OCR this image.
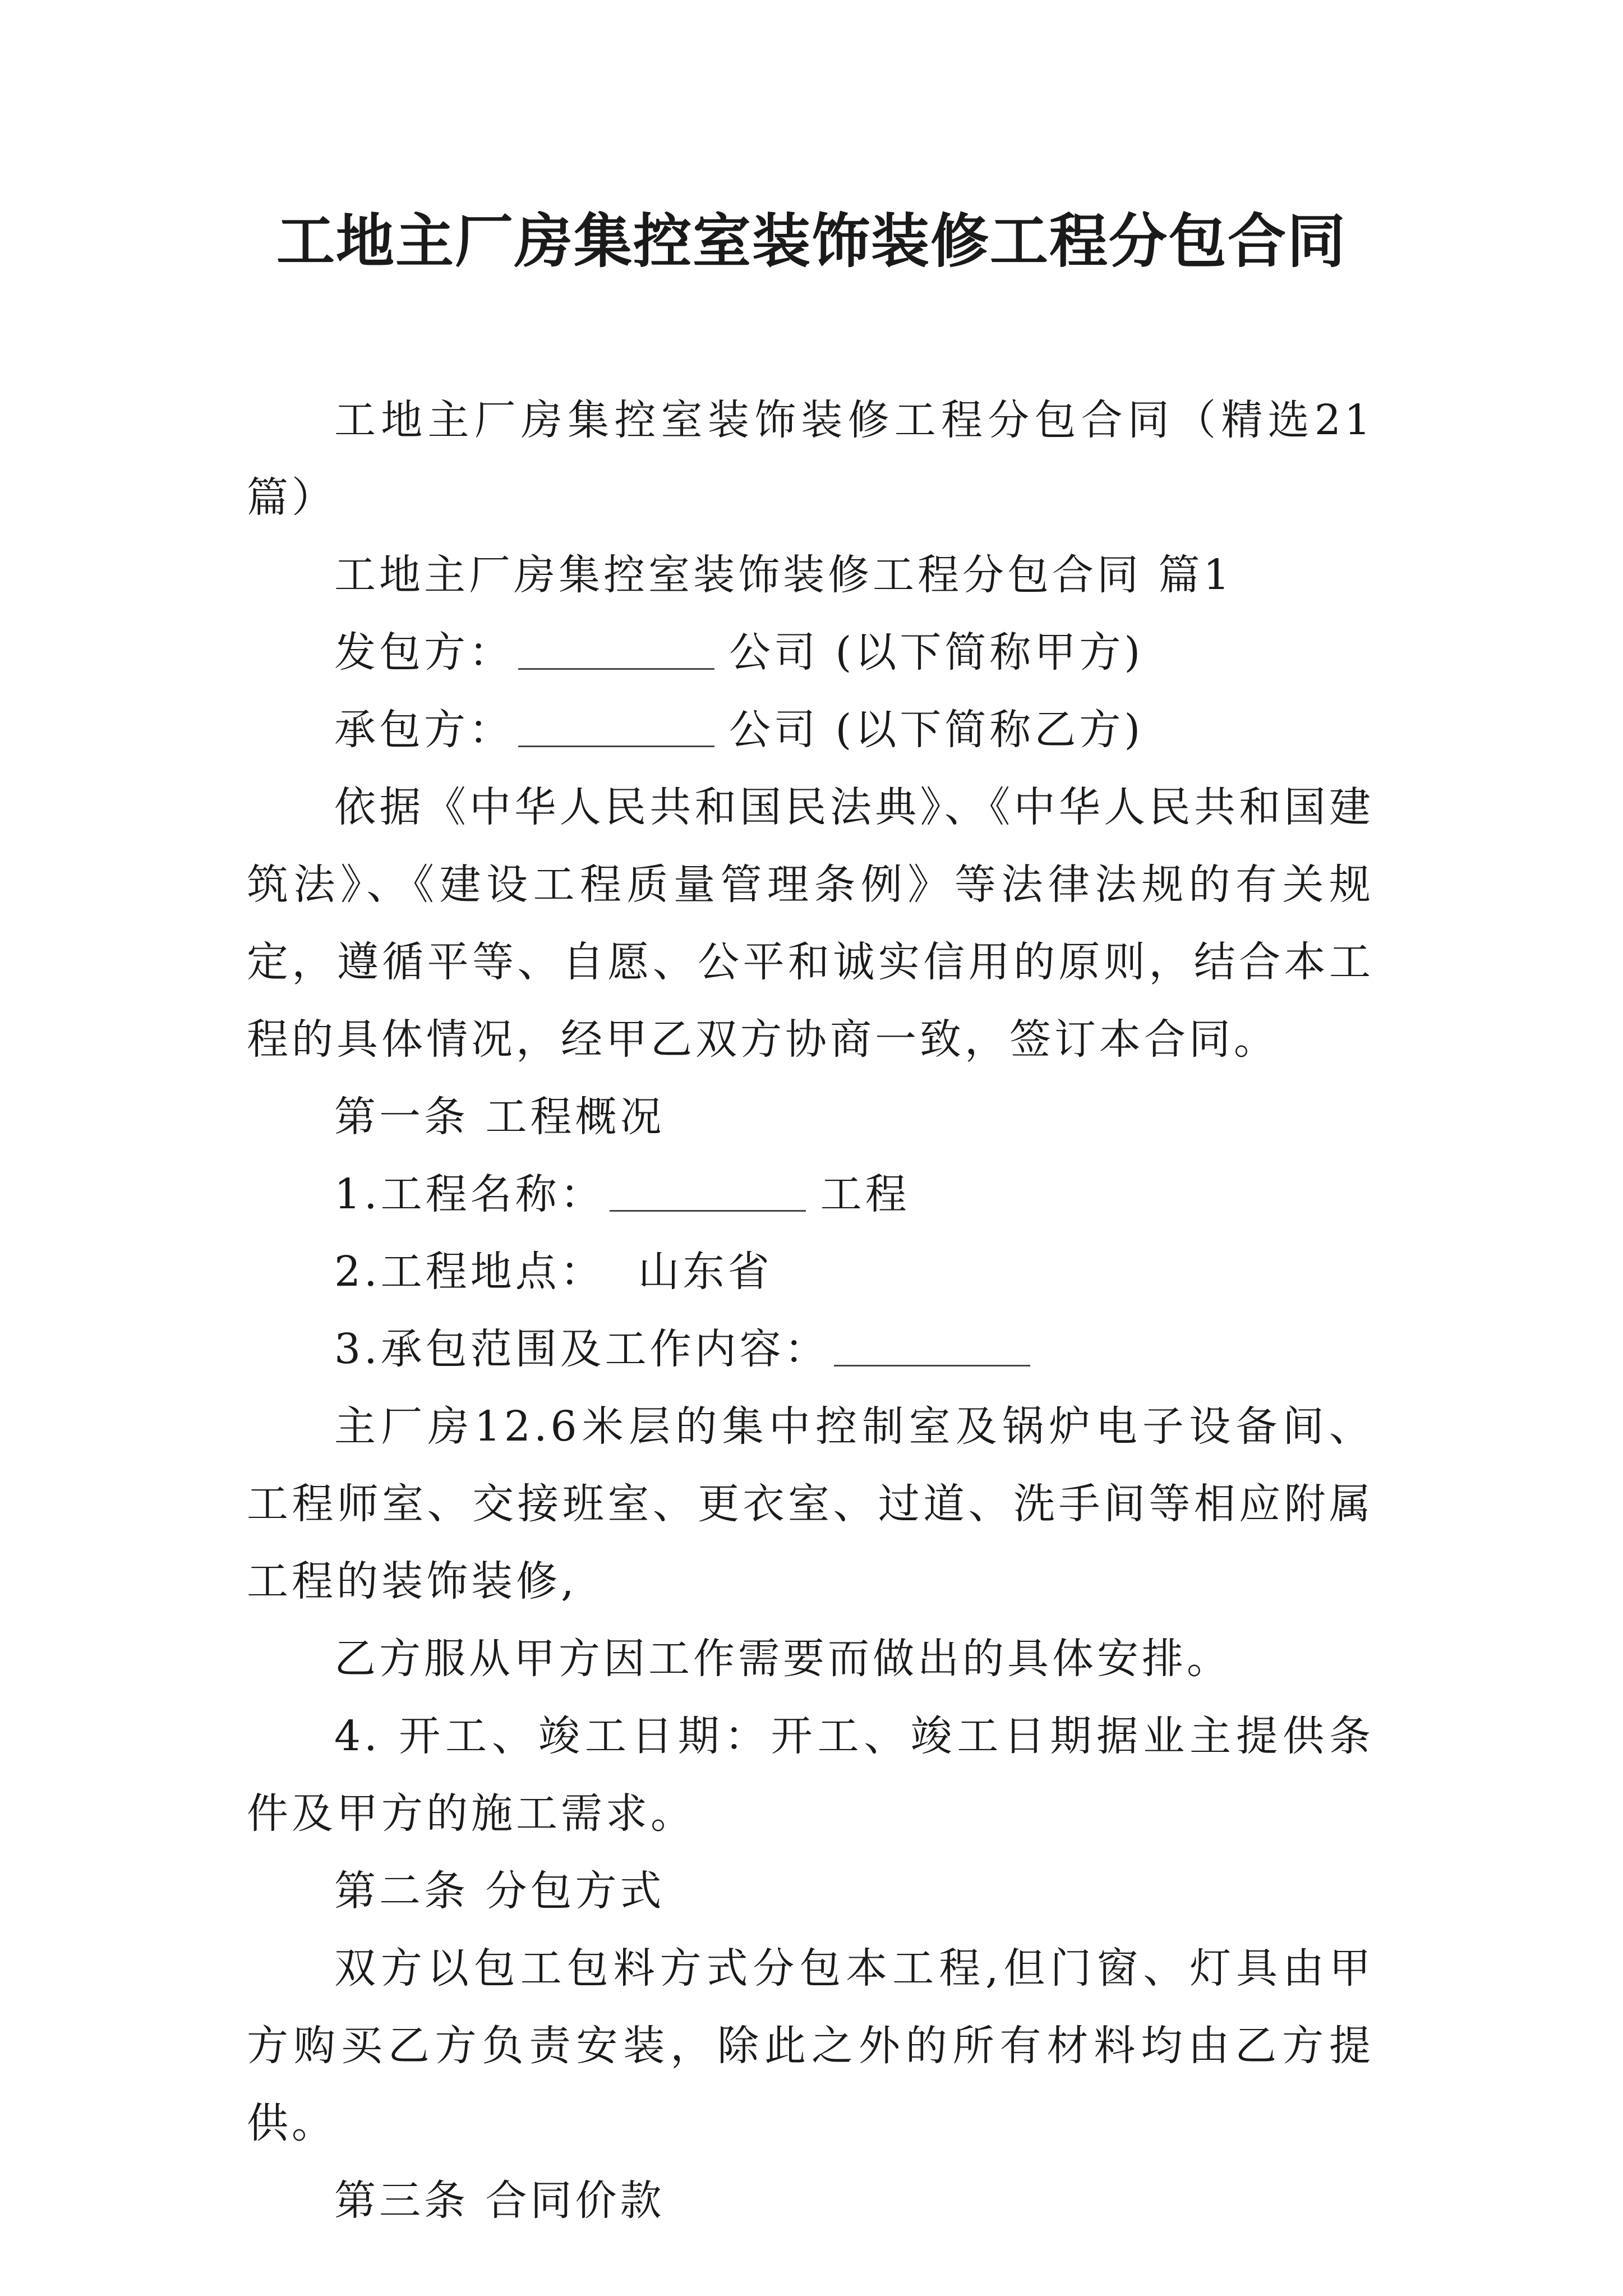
工地主厂房集控室装饰装修工程分包合同

工地主厂房集控室装饰装修工程分包合同（精选21篇）

工地主厂房集控室装饰装修工程分包合同 篇1

发包方：	公司 (以下简称甲方)

承包方：	公司 (以下简称乙方)

依据《中华人民共和国民法典》、《中华人民共和国建筑法》、《建设工程质量管理条例》等法律法规的有关规定，遵循平等、自愿、公平和诚实信用的原则，结合本工程的具体情况，经甲乙双方协商一致，签订本合同。

第一条 工程概况

1.工程名称：	工程

2.工程地点：  山东省

3.承包范围及工作内容：

主厂房12.6米层的集中控制室及锅炉电子设备间、工程师室、交接班室、更衣室、过道、洗手间等相应附属工程的装饰装修,

乙方服从甲方因工作需要而做出的具体安排。

4. 开工、竣工日期：开工、竣工日期据业主提供条件及甲方的施工需求。

第二条 分包方式

双方以包工包料方式分包本工程,但门窗、灯具由甲方购买乙方负责安装，除此之外的所有材料均由乙方提供。

第三条 合同价款
